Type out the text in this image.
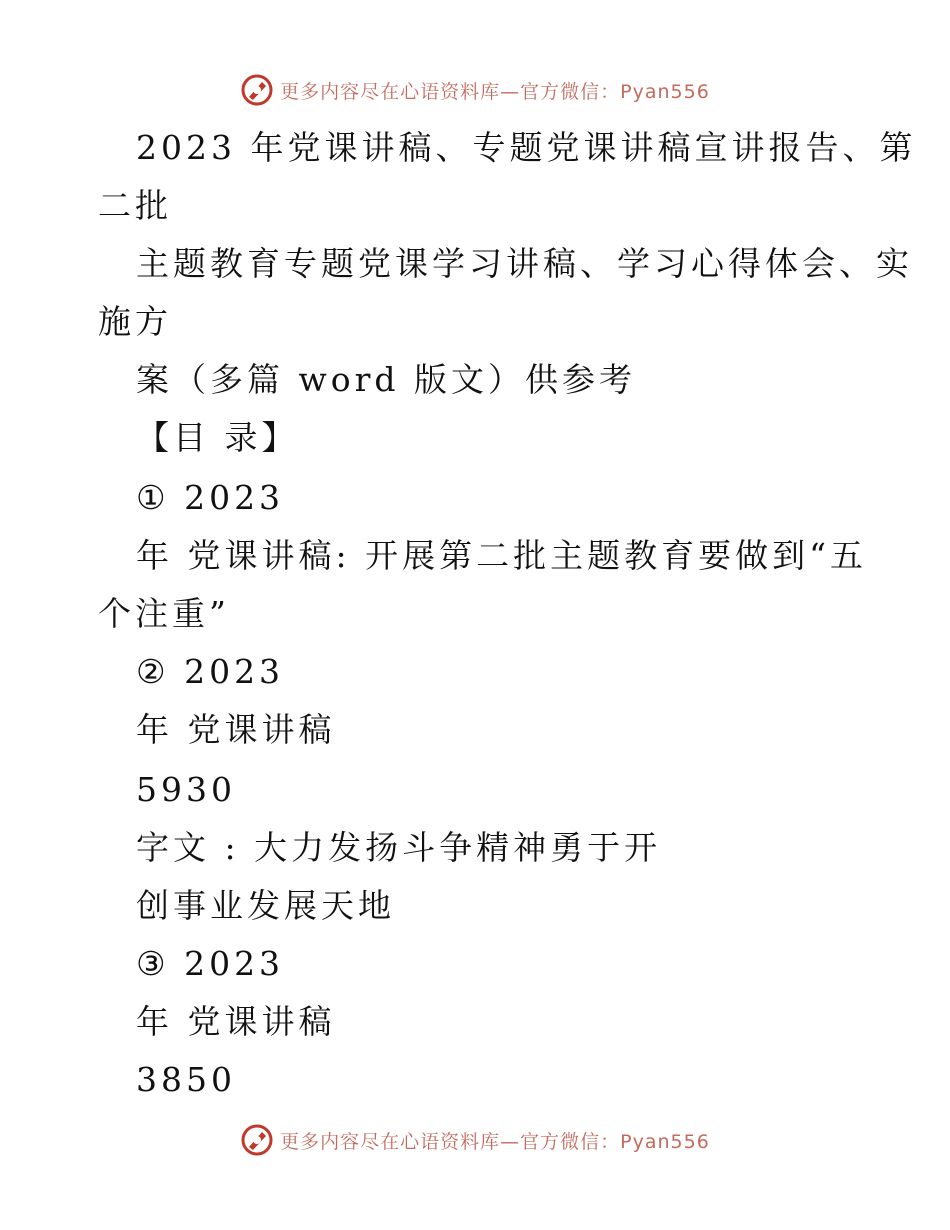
更多内容尽在心语资料库—官方微信：Pyan556
2023 年党课讲稿、专题党课讲稿宣讲报告、第
二批
主题教育专题党课学习讲稿、学习心得体会、实
施方
案（多篇 word 版文）供参考
【目 录】
① 2023
年 党课讲稿: 开展第二批主题教育要做到“五
个注重”
② 2023
年 党课讲稿
5930
字文 : 大力发扬斗争精神勇于开
创事业发展天地
③ 2023
年 党课讲稿
3850
更多内容尽在心语资料库—官方微信：Pyan556
